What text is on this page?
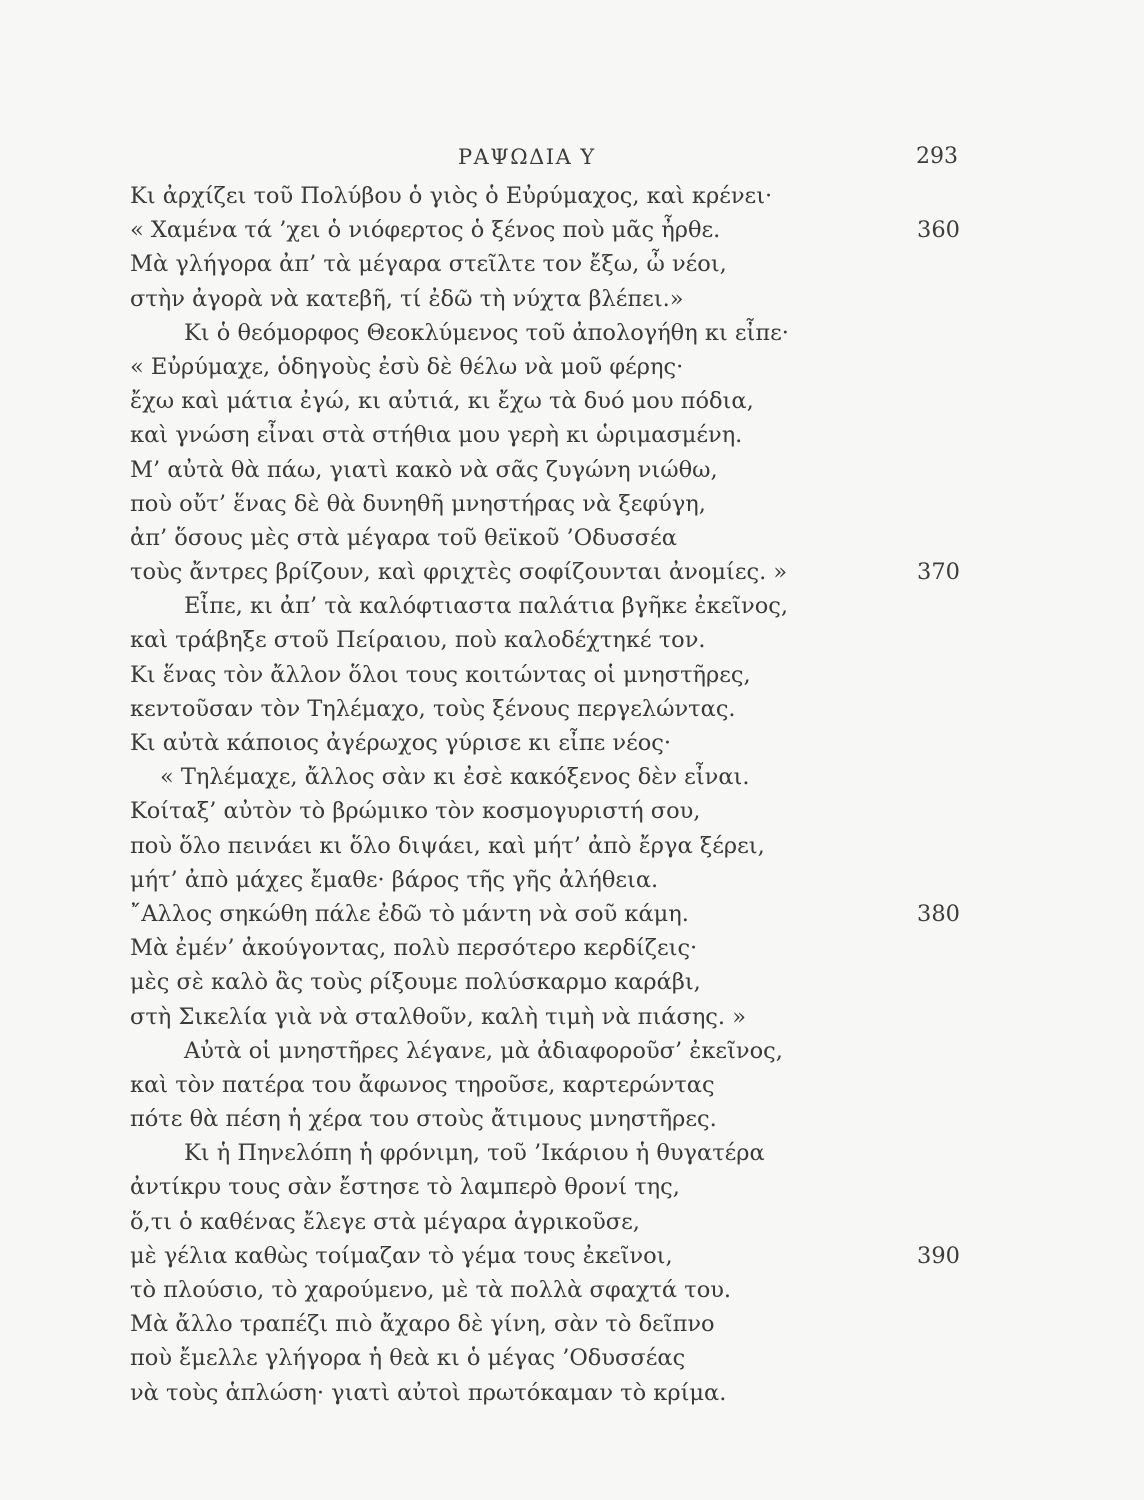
ΡΑΨΩΔΙΑ Υ	293
Κι ἀρχίζει τοῦ Πολύβου ὁ γιὸς ὁ Εὐρύμαχος, καὶ κρένει·
« Χαμένα τά ’χει ὁ νιόφερτος ὁ ξένος ποὺ μᾶς ἦρθε.	360
Μὰ γλήγορα ἀπ’ τὰ μέγαρα στεῖλτε τον ἔξω, ὦ νέοι,
στὴν ἀγορὰ νὰ κατεβῆ, τί ἐδῶ τὴ νύχτα βλέπει.»
Κι ὁ θεόμορφος Θεοκλύμενος τοῦ ἀπολογήθη κι εἶπε·
« Εὐρύμαχε, ὁδηγοὺς ἐσὺ δὲ θέλω νὰ μοῦ φέρης·
ἔχω καὶ μάτια ἐγώ, κι αὐτιά, κι ἔχω τὰ δυό μου πόδια,
καὶ γνώση εἶναι στὰ στήθια μου γερὴ κι ὡριμασμένη.
Μ’ αὐτὰ θὰ πάω, γιατὶ κακὸ νὰ σᾶς ζυγώνη νιώθω,
ποὺ οὔτ’ ἕνας δὲ θὰ δυνηθῆ μνηστήρας νὰ ξεφύγη,
ἀπ’ ὅσους μὲς στὰ μέγαρα τοῦ θεϊκοῦ ’Οδυσσέα
τοὺς ἄντρες βρίζουν, καὶ φριχτὲς σοφίζουνται ἀνομίες. »	370
Εἶπε, κι ἀπ’ τὰ καλόφτιαστα παλάτια βγῆκε ἐκεῖνος,
καὶ τράβηξε στοῦ Πείραιου, ποὺ καλοδέχτηκέ τον.
Κι ἕνας τὸν ἄλλον ὅλοι τους κοιτώντας οἱ μνηστῆρες,
κεντοῦσαν τὸν Τηλέμαχο, τοὺς ξένους περγελώντας.
Κι αὐτὰ κάποιος ἀγέρωχος γύρισε κι εἶπε νέος·
« Τηλέμαχε, ἄλλος σὰν κι ἐσὲ κακόξενος δὲν εἶναι.
Κοίταξ’ αὐτὸν τὸ βρώμικο τὸν κοσμογυριστή σου,
ποὺ ὅλο πεινάει κι ὅλο διψάει, καὶ μήτ’ ἀπὸ ἔργα ξέρει,
μήτ’ ἀπὸ μάχες ἔμαθε· βάρος τῆς γῆς ἀλήθεια.
῎Αλλος σηκώθη πάλε ἐδῶ τὸ μάντη νὰ σοῦ κάμη.	380
Μὰ ἐμέν’ ἀκούγοντας, πολὺ περσότερο κερδίζεις·
μὲς σὲ καλὸ ἂς τοὺς ρίξουμε πολύσκαρμο καράβι,
στὴ Σικελία γιὰ νὰ σταλθοῦν, καλὴ τιμὴ νὰ πιάσης. »
Αὐτὰ οἱ μνηστῆρες λέγανε, μὰ ἀδιαφοροῦσ’ ἐκεῖνος,
καὶ τὸν πατέρα του ἄφωνος τηροῦσε, καρτερώντας
πότε θὰ πέση ἡ χέρα του στοὺς ἄτιμους μνηστῆρες.
Κι ἡ Πηνελόπη ἡ φρόνιμη, τοῦ ’Ικάριου ἡ θυγατέρα
ἀντίκρυ τους σὰν ἔστησε τὸ λαμπερὸ θρονί της,
ὅ,τι ὁ καθένας ἔλεγε στὰ μέγαρα ἀγρικοῦσε,
μὲ γέλια καθὼς τοίμαζαν τὸ γέμα τους ἐκεῖνοι,	390
τὸ πλούσιο, τὸ χαρούμενο, μὲ τὰ πολλὰ σφαχτά του.
Μὰ ἄλλο τραπέζι πιὸ ἄχαρο δὲ γίνη, σὰν τὸ δεῖπνο
ποὺ ἔμελλε γλήγορα ἡ θεὰ κι ὁ μέγας ’Οδυσσέας
νὰ τοὺς ἁπλώση· γιατὶ αὐτοὶ πρωτόκαμαν τὸ κρίμα.
